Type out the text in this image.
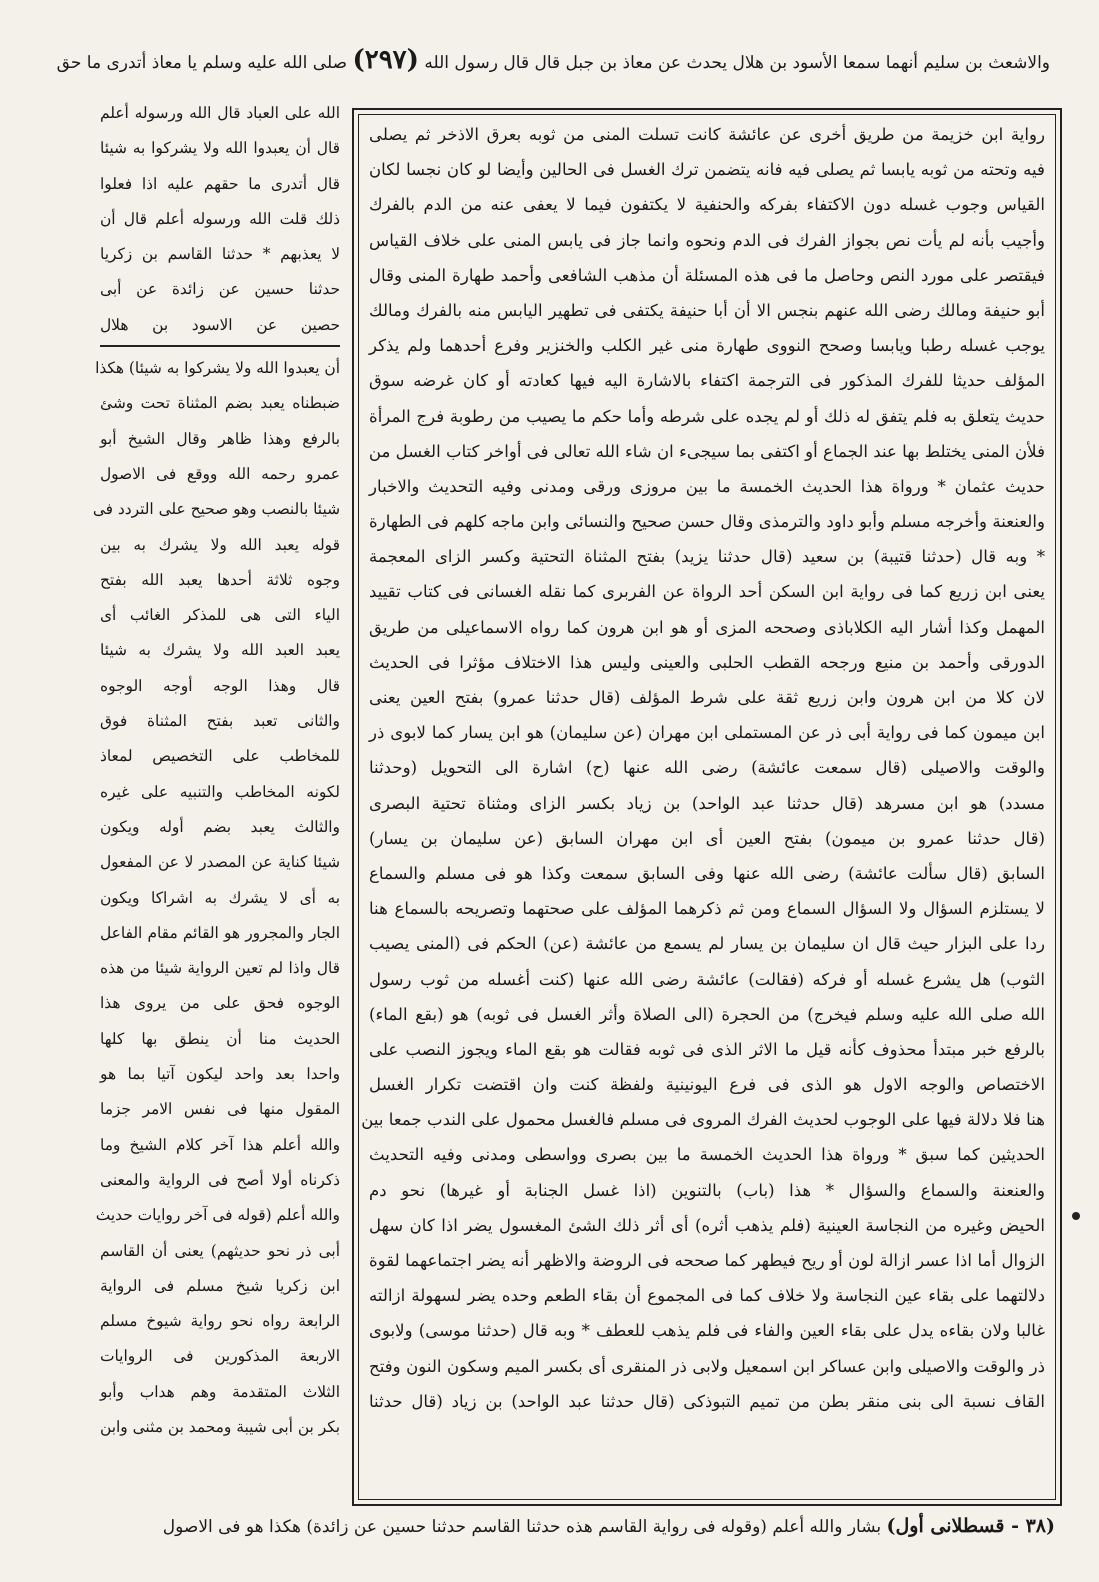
والاشعث بن سليم أنهما سمعا الأسود بن هلال يحدث عن معاذ بن جبل قال قال رسول الله (٢٩٧) صلى الله عليه وسلم يا معاذ أتدرى ما حق
رواية ابن خزيمة من طريق أخرى عن عائشة كانت تسلت المنى من ثوبه بعرق الاذخر ثم يصلى
فيه وتحته من ثوبه يابسا ثم يصلى فيه فانه يتضمن ترك الغسل فى الحالين وأيضا لو كان نجسا لكان
القياس وجوب غسله دون الاكتفاء بفركه والحنفية لا يكتفون فيما لا يعفى عنه من الدم بالفرك
وأجيب بأنه لم يأت نص بجواز الفرك فى الدم ونحوه وانما جاز فى يابس المنى على خلاف القياس
فيقتصر على مورد النص وحاصل ما فى هذه المسئلة أن مذهب الشافعى وأحمد طهارة المنى وقال
أبو حنيفة ومالك رضى الله عنهم بنجس الا أن أبا حنيفة يكتفى فى تطهير اليابس منه بالفرك ومالك
يوجب غسله رطبا ويابسا وصحح النووى طهارة منى غير الكلب والخنزير وفرع أحدهما ولم يذكر
المؤلف حديثا للفرك المذكور فى الترجمة اكتفاء بالاشارة اليه فيها كعادته أو كان غرضه سوق
حديث يتعلق به فلم يتفق له ذلك أو لم يجده على شرطه وأما حكم ما يصيب من رطوبة فرج المرأة
فلأن المنى يختلط بها عند الجماع أو اكتفى بما سيجىء ان شاء الله تعالى فى أواخر كتاب الغسل من
حديث عثمان * ورواة هذا الحديث الخمسة ما بين مروزى ورقى ومدنى وفيه التحديث والاخبار
والعنعنة وأخرجه مسلم وأبو داود والترمذى وقال حسن صحيح والنسائى وابن ماجه كلهم فى الطهارة
* وبه قال (حدثنا قتيبة) بن سعيد (قال حدثنا يزيد) بفتح المثناة التحتية وكسر الزاى المعجمة
يعنى ابن زريع كما فى رواية ابن السكن أحد الرواة عن الفربرى كما نقله الغسانى فى كتاب تقييد
المهمل وكذا أشار اليه الكلاباذى وصححه المزى أو هو ابن هرون كما رواه الاسماعيلى من طريق
الدورقى وأحمد بن منيع ورجحه القطب الحلبى والعينى وليس هذا الاختلاف مؤثرا فى الحديث
لان كلا من ابن هرون وابن زريع ثقة على شرط المؤلف (قال حدثنا عمرو) بفتح العين يعنى
ابن ميمون كما فى رواية أبى ذر عن المستملى ابن مهران (عن سليمان) هو ابن يسار كما لابوى ذر
والوقت والاصيلى (قال سمعت عائشة) رضى الله عنها (ح) اشارة الى التحويل (وحدثنا
مسدد) هو ابن مسرهد (قال حدثنا عبد الواحد) بن زياد بكسر الزاى ومثناة تحتية البصرى
(قال حدثنا عمرو بن ميمون) بفتح العين أى ابن مهران السابق (عن سليمان بن يسار)
السابق (قال سألت عائشة) رضى الله عنها وفى السابق سمعت وكذا هو فى مسلم والسماع
لا يستلزم السؤال ولا السؤال السماع ومن ثم ذكرهما المؤلف على صحتهما وتصريحه بالسماع هنا
ردا على البزار حيث قال ان سليمان بن يسار لم يسمع من عائشة (عن) الحكم فى (المنى يصيب
الثوب) هل يشرع غسله أو فركه (فقالت) عائشة رضى الله عنها (كنت أغسله من ثوب رسول
الله صلى الله عليه وسلم فيخرج) من الحجرة (الى الصلاة وأثر الغسل فى ثوبه) هو (بقع الماء)
بالرفع خبر مبتدأ محذوف كأنه قيل ما الاثر الذى فى ثوبه فقالت هو بقع الماء ويجوز النصب على
الاختصاص والوجه الاول هو الذى فى فرع اليونينية ولفظة كنت وان اقتضت تكرار الغسل
هنا فلا دلالة فيها على الوجوب لحديث الفرك المروى فى مسلم فالغسل محمول على الندب جمعا بين
الحديثين كما سبق * ورواة هذا الحديث الخمسة ما بين بصرى وواسطى ومدنى وفيه التحديث
والعنعنة والسماع والسؤال * هذا (باب) بالتنوين (اذا غسل الجنابة أو غيرها) نحو دم
الحيض وغيره من النجاسة العينية (فلم يذهب أثره) أى أثر ذلك الشئ المغسول يضر اذا كان سهل
الزوال أما اذا عسر ازالة لون أو ريح فيطهر كما صححه فى الروضة والاظهر أنه يضر اجتماعهما لقوة
دلالتهما على بقاء عين النجاسة ولا خلاف كما فى المجموع أن بقاء الطعم وحده يضر لسهولة ازالته
غالبا ولان بقاءه يدل على بقاء العين والفاء فى فلم يذهب للعطف * وبه قال (حدثنا موسى) ولابوى
ذر والوقت والاصيلى وابن عساكر ابن اسمعيل ولابى ذر المنقرى أى بكسر الميم وسكون النون وفتح
القاف نسبة الى بنى منقر بطن من تميم التبوذكى (قال حدثنا عبد الواحد) بن زياد (قال حدثنا
الله على العباد قال الله ورسوله أعلم
قال أن يعبدوا الله ولا يشركوا به شيئا
قال أتدرى ما حقهم عليه اذا فعلوا
ذلك قلت الله ورسوله أعلم قال أن
لا يعذبهم * حدثنا القاسم بن زكريا
حدثنا حسين عن زائدة عن أبى
حصين عن الاسود بن هلال
أن يعبدوا الله ولا يشركوا به شيئا) هكذا
ضبطناه يعبد بضم المثناة تحت وشئ
بالرفع وهذا ظاهر وقال الشيخ أبو
عمرو رحمه الله ووقع فى الاصول
شيئا بالنصب وهو صحيح على التردد فى
قوله يعبد الله ولا يشرك به بين
وجوه ثلاثة أحدها يعبد الله بفتح
الياء التى هى للمذكر الغائب أى
يعبد العبد الله ولا يشرك به شيئا
قال وهذا الوجه أوجه الوجوه
والثانى تعبد بفتح المثناة فوق
للمخاطب على التخصيص لمعاذ
لكونه المخاطب والتنبيه على غيره
والثالث يعبد بضم أوله ويكون
شيئا كناية عن المصدر لا عن المفعول
به أى لا يشرك به اشراكا ويكون
الجار والمجرور هو القائم مقام الفاعل
قال واذا لم تعين الرواية شيئا من هذه
الوجوه فحق على من يروى هذا
الحديث منا أن ينطق بها كلها
واحدا بعد واحد ليكون آتيا بما هو
المقول منها فى نفس الامر جزما
والله أعلم هذا آخر كلام الشيخ وما
ذكرناه أولا أصح فى الرواية والمعنى
والله أعلم (قوله فى آخر روايات حديث
أبى ذر نحو حديثهم) يعنى أن القاسم
ابن زكريا شيخ مسلم فى الرواية
الرابعة رواه نحو رواية شيوخ مسلم
الاربعة المذكورين فى الروايات
الثلاث المتقدمة وهم هداب وأبو
بكر بن أبى شيبة ومحمد بن مثنى وابن
(٣٨ - قسطلانى أول) بشار والله أعلم (وقوله فى رواية القاسم هذه حدثنا القاسم حدثنا حسين عن زائدة) هكذا هو فى الاصول
